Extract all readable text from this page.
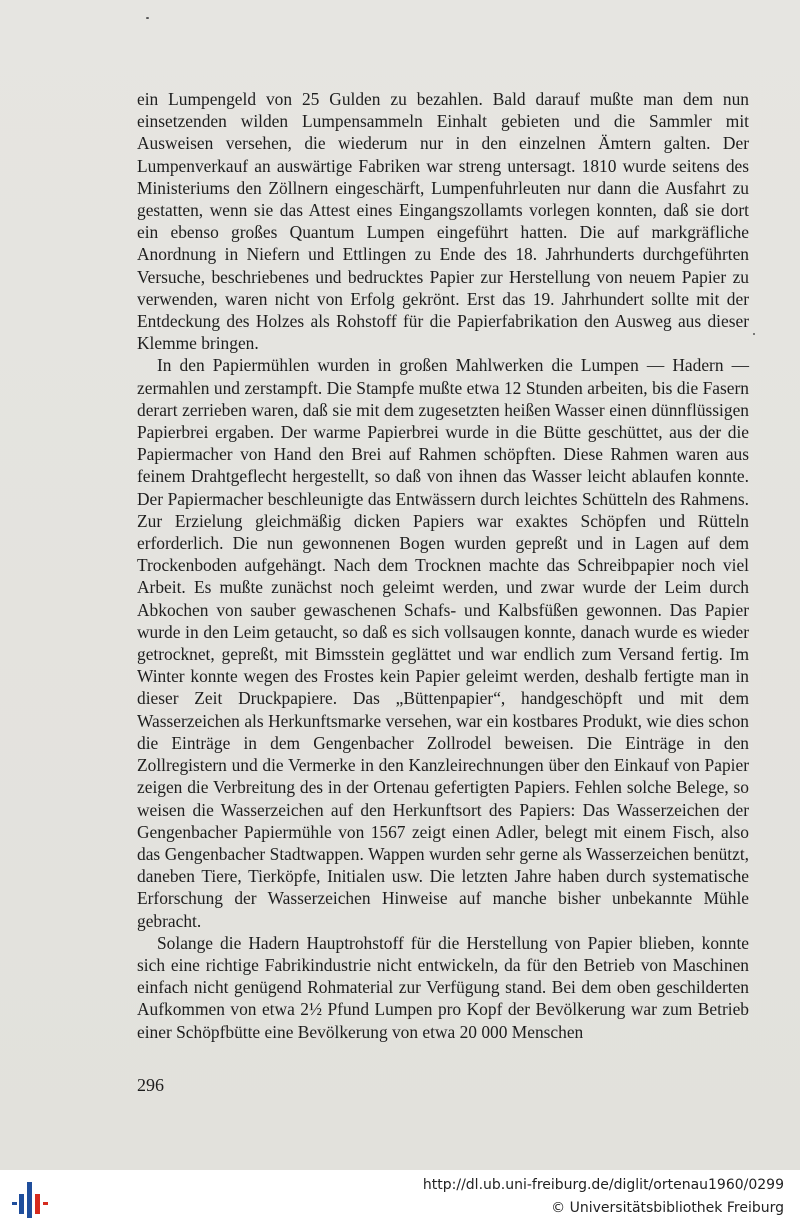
ein Lumpengeld von 25 Gulden zu bezahlen. Bald darauf mußte man dem nun einsetzenden wilden Lumpensammeln Einhalt gebieten und die Sammler mit Ausweisen versehen, die wiederum nur in den einzelnen Ämtern galten. Der Lumpenverkauf an auswärtige Fabriken war streng untersagt. 1810 wurde seitens des Ministeriums den Zöllnern eingeschärft, Lumpenfuhrleuten nur dann die Ausfahrt zu gestatten, wenn sie das Attest eines Eingangszollamts vorlegen konnten, daß sie dort ein ebenso großes Quantum Lumpen eingeführt hatten. Die auf markgräfliche Anordnung in Niefern und Ettlingen zu Ende des 18. Jahrhunderts durchgeführten Versuche, beschriebenes und bedrucktes Papier zur Herstellung von neuem Papier zu verwenden, waren nicht von Erfolg gekrönt. Erst das 19. Jahrhundert sollte mit der Entdeckung des Holzes als Rohstoff für die Papierfabrikation den Ausweg aus dieser Klemme bringen.

In den Papiermühlen wurden in großen Mahlwerken die Lumpen — Hadern — zermahlen und zerstampft. Die Stampfe mußte etwa 12 Stunden arbeiten, bis die Fasern derart zerrieben waren, daß sie mit dem zugesetzten heißen Wasser einen dünnflüssigen Papierbrei ergaben. Der warme Papierbrei wurde in die Bütte geschüttet, aus der die Papiermacher von Hand den Brei auf Rahmen schöpften. Diese Rahmen waren aus feinem Drahtgeflecht hergestellt, so daß von ihnen das Wasser leicht ablaufen konnte. Der Papiermacher beschleunigte das Entwässern durch leichtes Schütteln des Rahmens. Zur Erzielung gleichmäßig dicken Papiers war exaktes Schöpfen und Rütteln erforderlich. Die nun gewonnenen Bogen wurden gepreßt und in Lagen auf dem Trockenboden aufgehängt. Nach dem Trocknen machte das Schreibpapier noch viel Arbeit. Es mußte zunächst noch geleimt werden, und zwar wurde der Leim durch Abkochen von sauber gewaschenen Schafs- und Kalbsfüßen gewonnen. Das Papier wurde in den Leim getaucht, so daß es sich vollsaugen konnte, danach wurde es wieder getrocknet, gepreßt, mit Bimsstein geglättet und war endlich zum Versand fertig. Im Winter konnte wegen des Frostes kein Papier geleimt werden, deshalb fertigte man in dieser Zeit Druckpapiere. Das „Büttenpapier“, handgeschöpft und mit dem Wasserzeichen als Herkunftsmarke versehen, war ein kostbares Produkt, wie dies schon die Einträge in dem Gengenbacher Zollrodel beweisen. Die Einträge in den Zollregistern und die Vermerke in den Kanzleirechnungen über den Einkauf von Papier zeigen die Verbreitung des in der Ortenau gefertigten Papiers. Fehlen solche Belege, so weisen die Wasserzeichen auf den Herkunftsort des Papiers: Das Wasserzeichen der Gengenbacher Papiermühle von 1567 zeigt einen Adler, belegt mit einem Fisch, also das Gengenbacher Stadtwappen. Wappen wurden sehr gerne als Wasserzeichen benützt, daneben Tiere, Tierköpfe, Initialen usw. Die letzten Jahre haben durch systematische Erforschung der Wasserzeichen Hinweise auf manche bisher unbekannte Mühle gebracht.

Solange die Hadern Hauptrohstoff für die Herstellung von Papier blieben, konnte sich eine richtige Fabrikindustrie nicht entwickeln, da für den Betrieb von Maschinen einfach nicht genügend Rohmaterial zur Verfügung stand. Bei dem oben geschilderten Aufkommen von etwa 2½ Pfund Lumpen pro Kopf der Bevölkerung war zum Betrieb einer Schöpfbütte eine Bevölkerung von etwa 20 000 Menschen

296
http://dl.ub.uni-freiburg.de/diglit/ortenau1960/0299
© Universitätsbibliothek Freiburg
